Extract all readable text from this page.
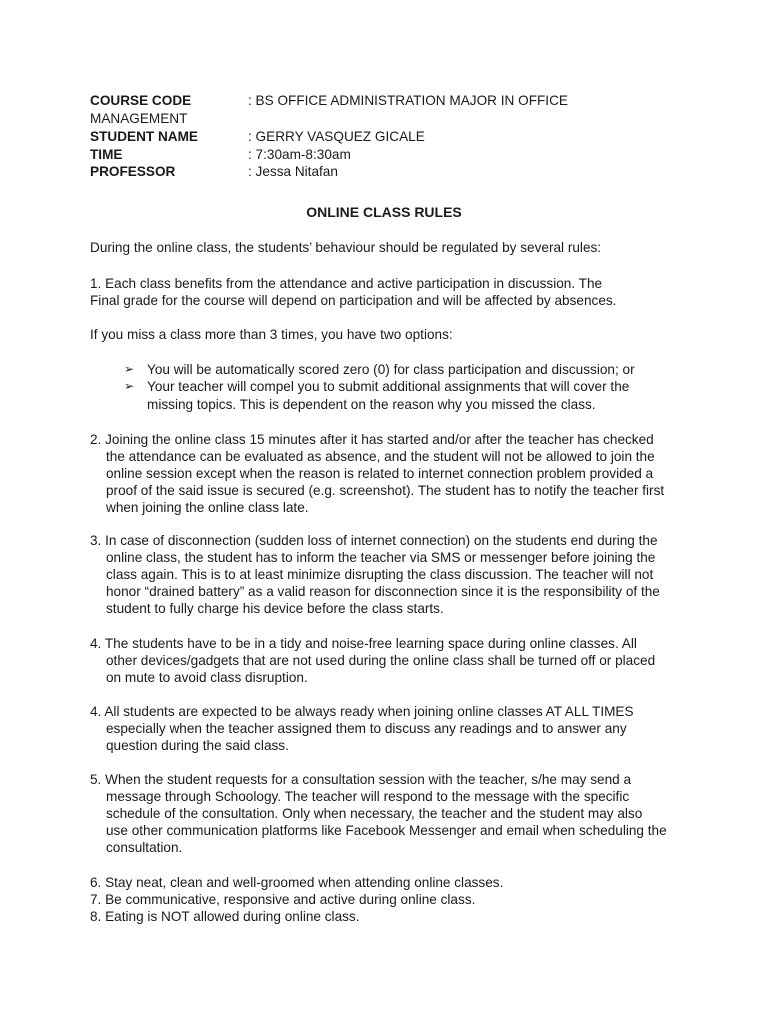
COURSE CODE	: BS OFFICE ADMINISTRATION MAJOR IN OFFICE
MANAGEMENT
STUDENT NAME	: GERRY VASQUEZ GICALE
TIME	: 7:30am-8:30am
PROFESSOR	: Jessa Nitafan
ONLINE CLASS RULES
During the online class, the students’ behaviour should be regulated by several rules:
1. Each class benefits from the attendance and active participation in discussion. The
Final grade for the course will depend on participation and will be affected by absences.
If you miss a class more than 3 times, you have two options:
➢ You will be automatically scored zero (0) for class participation and discussion; or
➢ Your teacher will compel you to submit additional assignments that will cover the
missing topics. This is dependent on the reason why you missed the class.
2. Joining the online class 15 minutes after it has started and/or after the teacher has checked
the attendance can be evaluated as absence, and the student will not be allowed to join the
online session except when the reason is related to internet connection problem provided a
proof of the said issue is secured (e.g. screenshot). The student has to notify the teacher first
when joining the online class late.
3. In case of disconnection (sudden loss of internet connection) on the students end during the
online class, the student has to inform the teacher via SMS or messenger before joining the
class again. This is to at least minimize disrupting the class discussion. The teacher will not
honor “drained battery” as a valid reason for disconnection since it is the responsibility of the
student to fully charge his device before the class starts.
4. The students have to be in a tidy and noise-free learning space during online classes. All
other devices/gadgets that are not used during the online class shall be turned off or placed
on mute to avoid class disruption.
4. All students are expected to be always ready when joining online classes AT ALL TIMES
especially when the teacher assigned them to discuss any readings and to answer any
question during the said class.
5. When the student requests for a consultation session with the teacher, s/he may send a
message through Schoology. The teacher will respond to the message with the specific
schedule of the consultation. Only when necessary, the teacher and the student may also
use other communication platforms like Facebook Messenger and email when scheduling the
consultation.
6. Stay neat, clean and well-groomed when attending online classes.
7. Be communicative, responsive and active during online class.
8. Eating is NOT allowed during online class.
